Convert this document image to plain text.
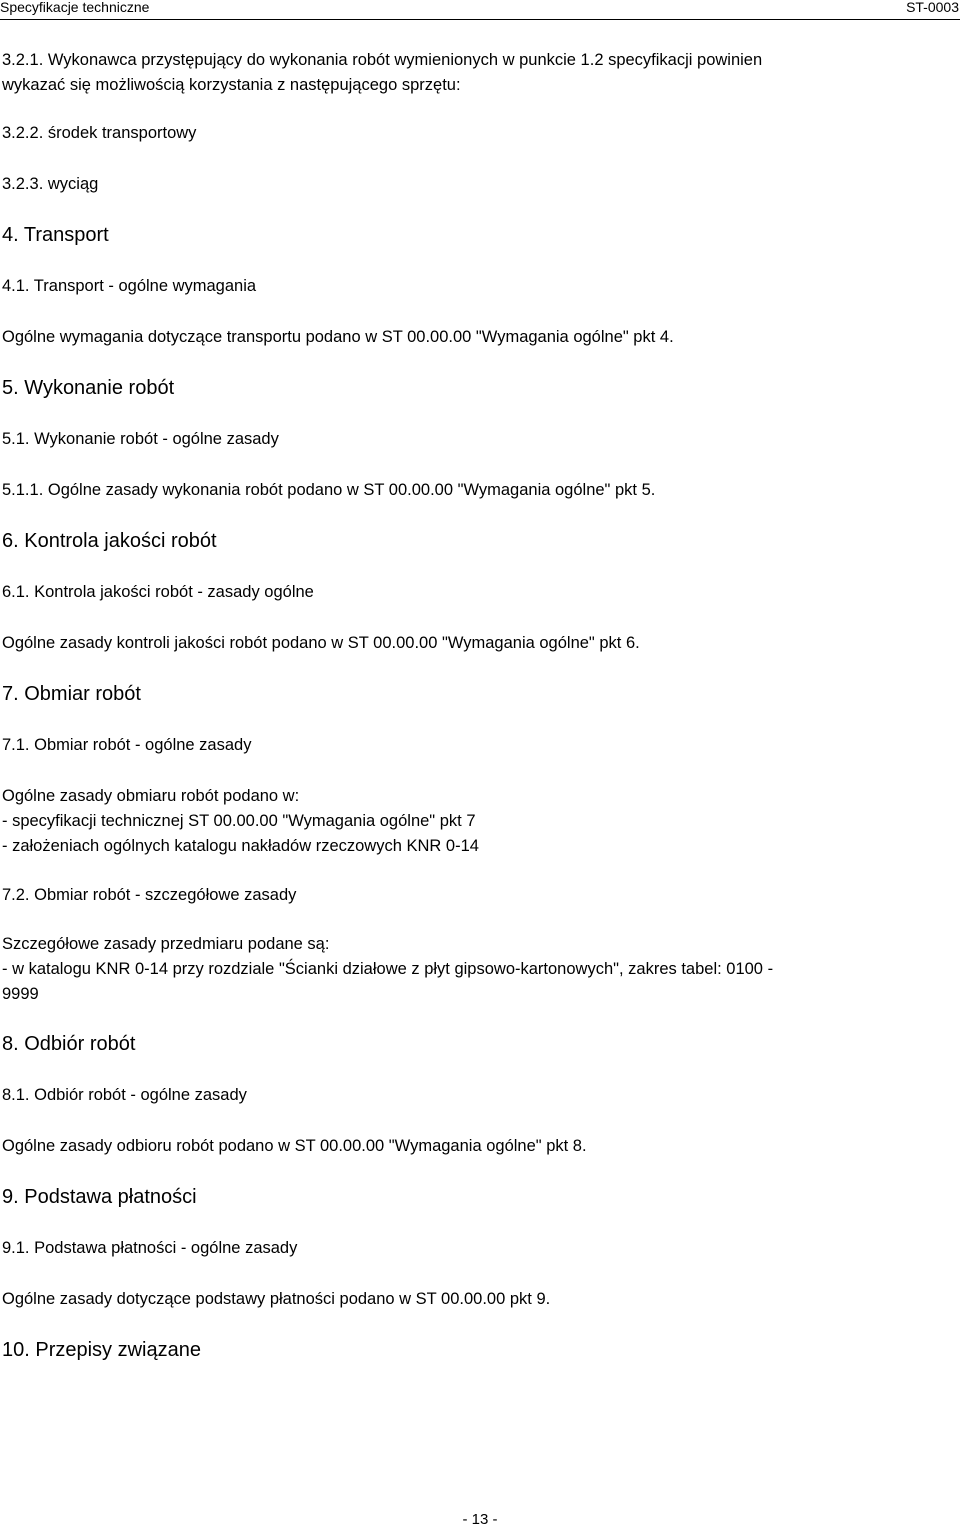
Specyfikacje techniczne	ST-0003
3.2.1. Wykonawca przystępujący do wykonania robót wymienionych w punkcie 1.2 specyfikacji powinien
wykazać się możliwością korzystania z następującego sprzętu:
3.2.2. środek transportowy
3.2.3. wyciąg
4. Transport
4.1. Transport - ogólne wymagania
Ogólne wymagania dotyczące transportu podano w ST 00.00.00 "Wymagania ogólne" pkt 4.
5. Wykonanie robót
5.1. Wykonanie robót - ogólne zasady
5.1.1. Ogólne zasady wykonania robót podano w ST 00.00.00 "Wymagania ogólne" pkt 5.
6. Kontrola jakości robót
6.1. Kontrola jakości robót - zasady ogólne
Ogólne zasady kontroli jakości robót podano w ST 00.00.00 "Wymagania ogólne" pkt 6.
7. Obmiar robót
7.1. Obmiar robót - ogólne zasady
Ogólne zasady obmiaru robót podano w:
- specyfikacji technicznej ST 00.00.00 "Wymagania ogólne" pkt 7
- założeniach ogólnych katalogu nakładów rzeczowych KNR 0-14
7.2. Obmiar robót - szczegółowe zasady
Szczegółowe zasady przedmiaru podane są:
- w katalogu KNR 0-14 przy rozdziale "Ścianki działowe z płyt gipsowo-kartonowych", zakres tabel: 0100 -
9999
8. Odbiór robót
8.1. Odbiór robót - ogólne zasady
Ogólne zasady odbioru robót podano w ST 00.00.00 "Wymagania ogólne" pkt 8.
9. Podstawa płatności
9.1. Podstawa płatności - ogólne zasady
Ogólne zasady dotyczące podstawy płatności podano w ST 00.00.00 pkt 9.
10. Przepisy związane
- 13 -
